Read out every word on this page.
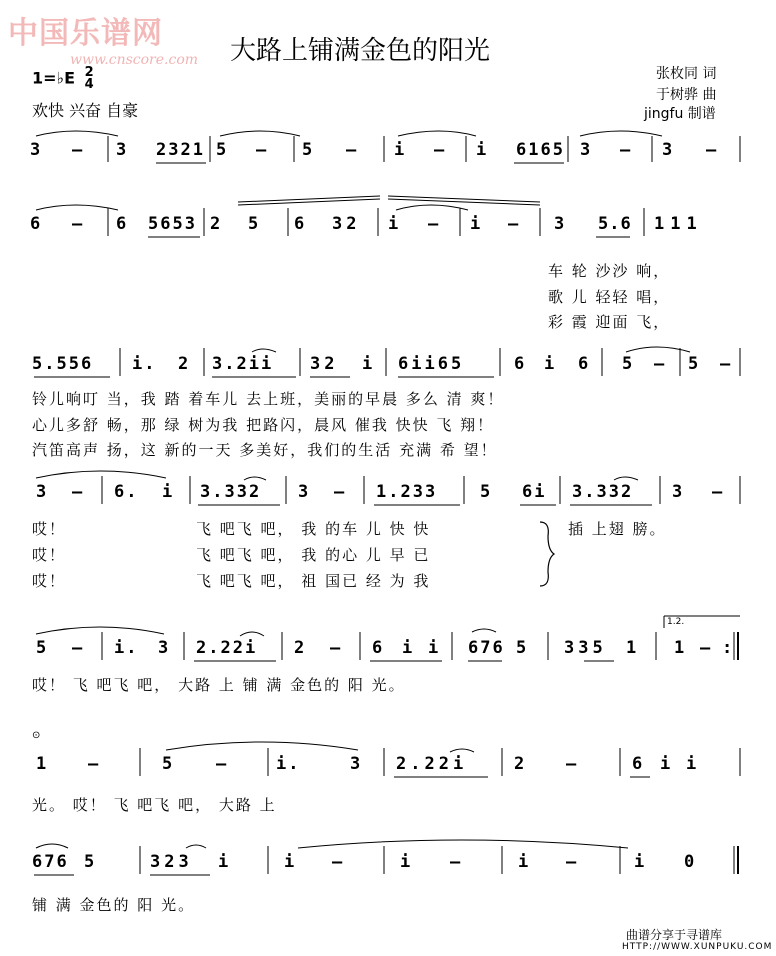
中国乐谱网
www.cnscore.com 大路上铺满金色的阳光
张枚同 词
于树骅 曲
jingfu 制谱
1=♭E 2
4
欢快 兴奋 自豪
3 – 3 2321 5 – 5 – i – i 6165 3 – 3 –
6 – 6 5653 2 5 6 32 i – i – 3 5.6 111
车 轮 沙沙 响，
歌 儿 轻轻 唱，
彩 霞 迎面 飞，
5.556 i. 2 3.2ii 32 i 6ii65	6 i 6 5 – 5 –
铃儿响叮 当，我 踏 着车儿 去上班，美丽的早晨 多么 清 爽！
心儿多舒 畅，那 绿 树为我 把路闪，晨风 催我 快快 飞 翔！
汽笛高声 扬，这 新的一天 多美好，我们的生活 充满 希 望！
3 – 6. i 3.332 3 – 1.233	5 6i 3.332 3 –
哎！
哎！
哎！
飞 吧飞 吧， 我 的车 儿 快 快
飞 吧飞 吧， 我 的心 儿 早 已
飞 吧飞 吧， 祖 国已 经 为 我
插 上翅 膀。
1.2.
5 – i. 3 2.22i 2 – 6 i i 676 5 335 1 1 – :
哎！ 飞 吧飞 吧， 大路 上 铺 满 金色的 阳 光。
⊙
1 –	5	–	i.	3 2.22i	2 –	6 i i
光。 哎！ 飞 吧飞 吧， 大路 上
676 5	323 i	i –	i –	i –	i 0
铺 满 金色的 阳 光。
曲谱分享于寻谱库
HTTP://WWW.XUNPUKU.COM
